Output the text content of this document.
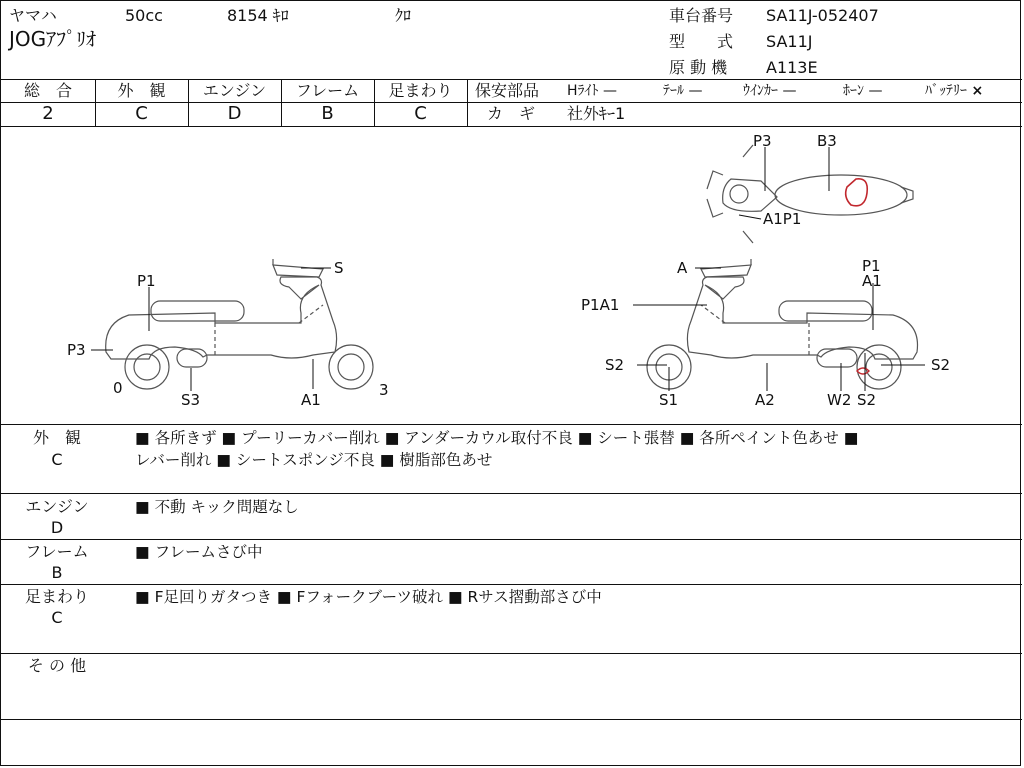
ヤマハ	50cc	8154 ｷﾛ	ｸﾛ
JOGｱﾌﾟﾘｵ
車台番号 SA11J-052407
型　　式 SA11J
原 動 機 A113E
総　合
2
外　観
C
エンジン
D
フレーム
B
足まわり
C
保安部品 Hﾗｲﾄ —	ﾃｰﾙ —	ｳｲﾝｶｰ —	ﾎｰﾝ —	ﾊﾞｯﾃﾘｰ ×
カ　ギ 社外ｷｰ1
S
P1
P3
0
S3	A1
3
A
P1A1
P1
A1
S2
S1	A2	W2 S2
S2
P3	B3
A1P1
外　観
C
■ 各所きず ■ プーリーカバー削れ ■ アンダーカウル取付不良 ■ シート張替 ■ 各所ペイント色あせ ■
レバー削れ ■ シートスポンジ不良 ■ 樹脂部色あせ
エンジン
D
■ 不動 キック問題なし
フレーム
B
■ フレームさび中
足まわり
C
■ F足回りガタつき ■ Fフォークブーツ破れ ■ Rサス摺動部さび中
そ の 他
